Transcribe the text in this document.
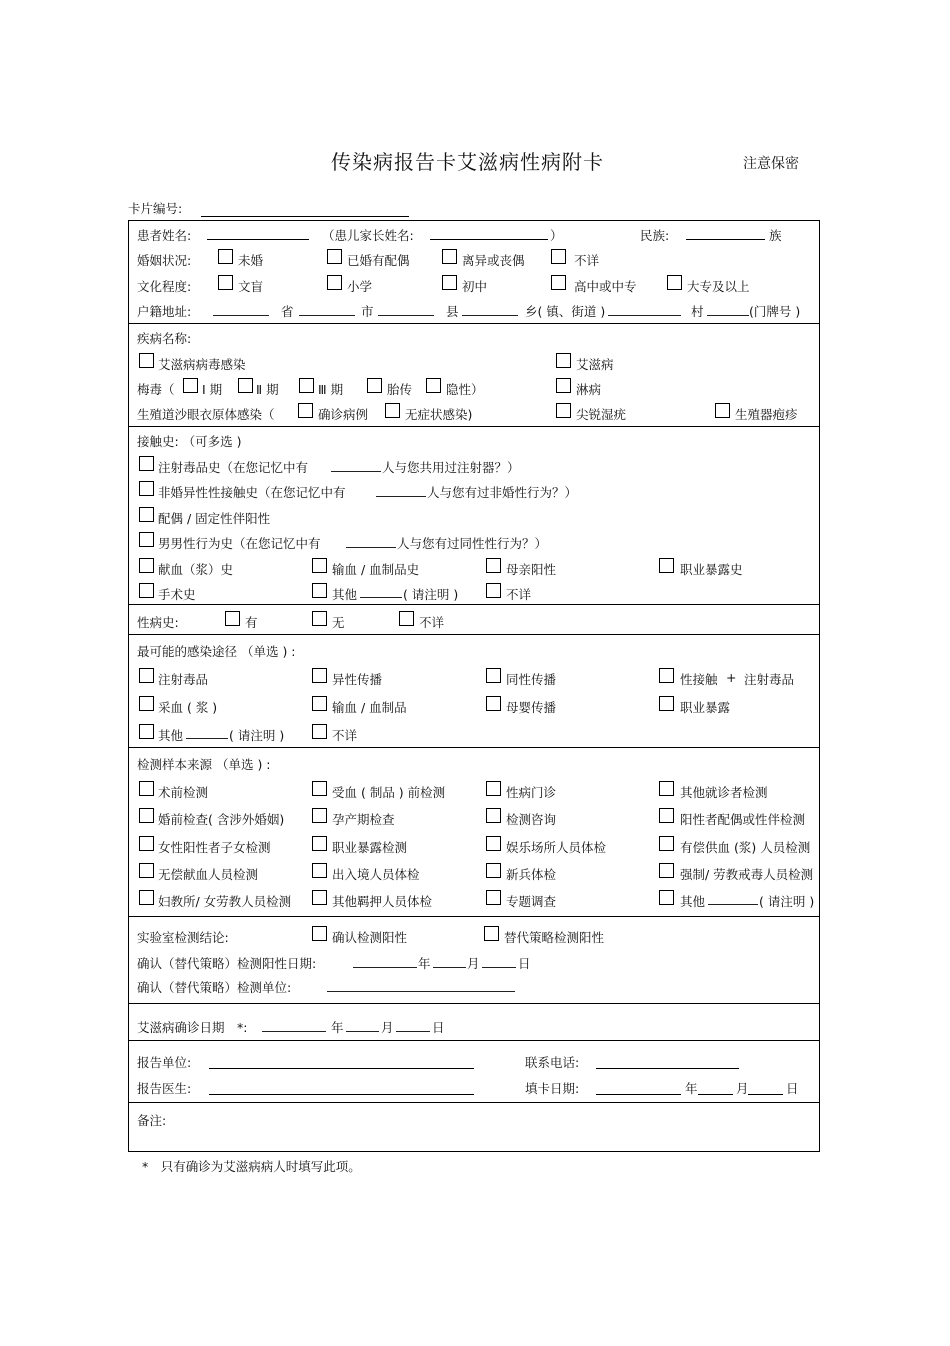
传染病报告卡艾滋病性病附卡	注意保密
卡片编号:
患者姓名:	（患儿家长姓名:	）	民族:	族
婚姻状况:	未婚	已婚有配偶	离异或丧偶	不详
文化程度:	文盲	小学	初中	高中或中专	大专及以上
户籍地址:	省	市	县	乡( 镇、街道 )	村	(门牌号 )
疾病名称:
艾滋病病毒感染	艾滋病
梅毒（ Ⅰ 期	Ⅱ 期	Ⅲ 期	胎传	隐性）	淋病
生殖道沙眼衣原体感染（	确诊病例	无症状感染)	尖锐湿疣	生殖器疱疹
接触史: （可多选 )
注射毒品史（在您记忆中有	人与您共用过注射器？）
非婚异性性接触史（在您记忆中有	人与您有过非婚性行为？）
配偶 / 固定性伴阳性
男男性行为史（在您记忆中有	人与您有过同性性行为？）
献血（浆）史	输血 / 血制品史	母亲阳性	职业暴露史
手术史	其他	( 请注明 )	不详
性病史:	有	无	不详
最可能的感染途径 （单选 ) :
注射毒品	异性传播	同性传播	性接触 + 注射毒品
采血 ( 浆 )	输血 / 血制品	母婴传播	职业暴露
其他	( 请注明 )	不详
检测样本来源 （单选 ) :
术前检测	受血 ( 制品 ) 前检测	性病门诊	其他就诊者检测
婚前检查( 含涉外婚姻)	孕产期检查	检测咨询	阳性者配偶或性伴检测
女性阳性者子女检测	职业暴露检测	娱乐场所人员体检	有偿供血 (浆) 人员检测
无偿献血人员检测	出入境人员体检	新兵体检	强制/ 劳教戒毒人员检测
妇教所/ 女劳教人员检测	其他羁押人员体检	专题调查	其他	( 请注明 )
实验室检测结论:	确认检测阳性	替代策略检测阳性
确认（替代策略）检测阳性日期:	年	月	日
确认（替代策略）检测单位:
艾滋病确诊日期　*:	年	月	日
报告单位:	联系电话:
报告医生:	填卡日期:	年	月	日
备注:
*　只有确诊为艾滋病病人时填写此项。
